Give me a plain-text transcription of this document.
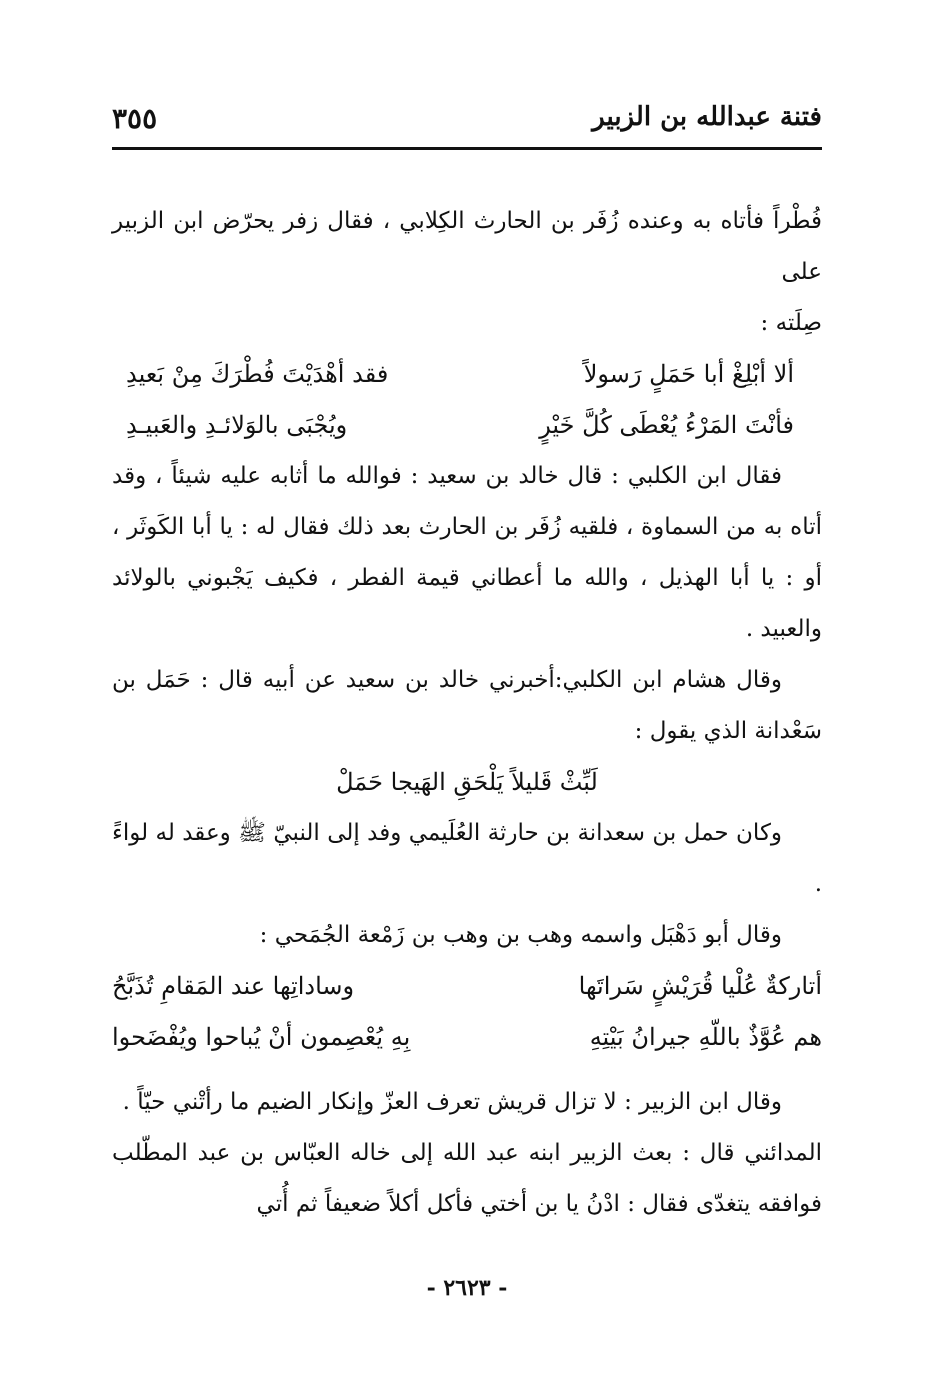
فتنة عبدالله بن الزبير
٣٥٥

فُطْراً فأتاه به وعنده زُفَر بن الحارث الكِلابي ، فقال زفر يحرّض ابن الزبير على
صِلَته :

ألا أبْلِغْ أبا حَمَلٍ رَسولاً
فقد أهْدَيْتَ فُطْرَكَ مِنْ بَعيدِ
فأنْتَ المَرْءُ يُعْطَى كُلَّ خَيْرٍ
ويُجْبَى بالوَلائـدِ والعَبيـدِ

فقال ابن الكلبي : قال خالد بن سعيد : فوالله ما أثابه عليه شيئاً ، وقد أتاه به من السماوة ، فلقيه زُفَر بن الحارث بعد ذلك فقال له : يا أبا الكَوثَر ، أو : يا أبا الهذيل ، والله ما أعطاني قيمة الفطر ، فكيف يَجْبوني بالولائد والعبيد .

وقال هشام ابن الكلبي:أخبرني خالد بن سعيد عن أبيه قال : حَمَل بن سَعْدانة الذي يقول :

لَبِّثْ قَليلاً يَلْحَقِ الهَيجا حَمَلْ

وكان حمل بن سعدانة بن حارثة العُلَيمي وفد إلى النبيّ ﷺ وعقد له لواءً .

وقال أبو دَهْبَل واسمه وهب بن وهب بن زَمْعة الجُمَحي :

أتاركةٌ عُلْيا قُرَيْشٍ سَراتَها
وساداتِها عند المَقامِ تُذَبَّحُ
هم عُوَّذٌ باللّهِ جيرانُ بَيْتِهِ
بِهِ يُعْصِمون أنْ يُباحوا ويُفْضَحوا

وقال ابن الزبير : لا تزال قريش تعرف العزّ وإنكار الضيم ما رأتْني حيّاً .

المدائني قال : بعث الزبير ابنه عبد الله إلى خاله العبّاس بن عبد المطّلب فوافقه يتغدّى فقال : ادْنُ يا بن أختي فأكل أكلاً ضعيفاً ثم أُتي

- ٢٦٢٣ -
